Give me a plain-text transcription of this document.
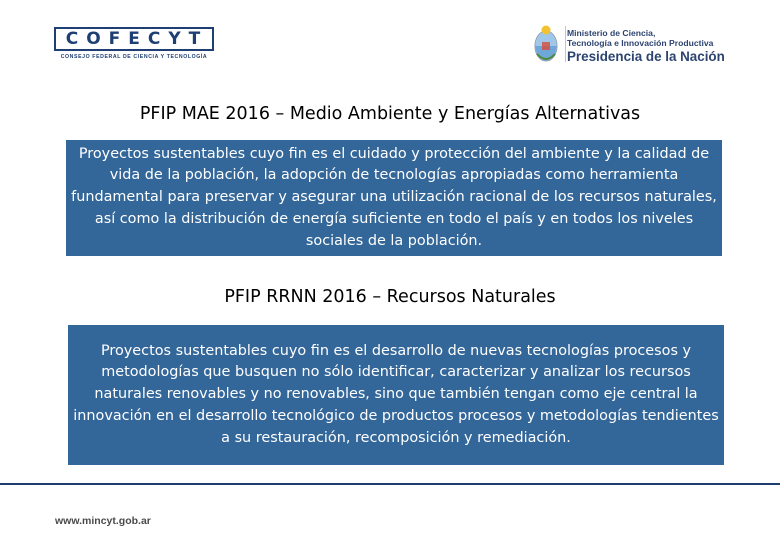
COFECYT
CONSEJO FEDERAL DE CIENCIA Y TECNOLOGÍA
Ministerio de Ciencia,
Tecnología e Innovación Productiva
Presidencia de la Nación
PFIP MAE 2016 – Medio Ambiente y Energías Alternativas
Proyectos sustentables cuyo fin es el cuidado y protección del ambiente y la calidad de vida de la población, la adopción de tecnologías apropiadas como herramienta fundamental para preservar y asegurar una utilización racional de los recursos naturales, así como la distribución de energía suficiente en todo el país y en todos los niveles sociales de la población.
PFIP RRNN 2016 – Recursos Naturales
Proyectos sustentables cuyo fin es el desarrollo de nuevas tecnologías procesos y metodologías que busquen no sólo identificar, caracterizar y analizar los recursos naturales renovables y no renovables, sino que también tengan como eje central la innovación en el desarrollo tecnológico de productos procesos y metodologías tendientes a su restauración, recomposición y remediación.
www.mincyt.gob.ar
